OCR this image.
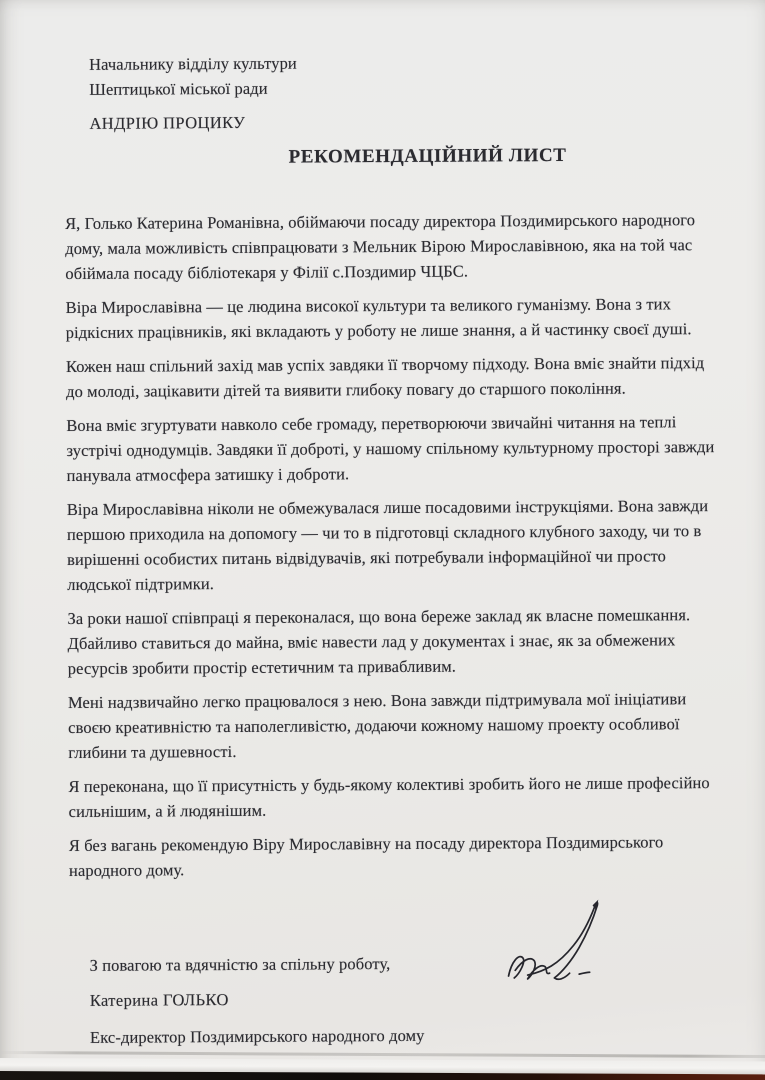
Начальнику відділу культури
Шептицької міської ради
АНДРІЮ ПРОЦИКУ
РЕКОМЕНДАЦІЙНИЙ ЛИСТ

Я, Голько Катерина Романівна, обіймаючи посаду директора Поздимирського народного дому, мала можливість співпрацювати з Мельник Вірою Мирославівною, яка на той час обіймала посаду бібліотекаря у Філії с.Поздимир ЧЦБС.

Віра Мирославівна — це людина високої культури та великого гуманізму. Вона з тих рідкісних працівників, які вкладають у роботу не лише знання, а й частинку своєї душі.

Кожен наш спільний захід мав успіх завдяки її творчому підходу. Вона вміє знайти підхід до молоді, зацікавити дітей та виявити глибоку повагу до старшого покоління.

Вона вміє згуртувати навколо себе громаду, перетворюючи звичайні читання на теплі зустрічі однодумців. Завдяки її доброті, у нашому спільному культурному просторі завжди панувала атмосфера затишку і доброти.

Віра Мирославівна ніколи не обмежувалася лише посадовими інструкціями. Вона завжди першою приходила на допомогу — чи то в підготовці складного клубного заходу, чи то в вирішенні особистих питань відвідувачів, які потребували інформаційної чи просто людської підтримки.

За роки нашої співпраці я переконалася, що вона береже заклад як власне помешкання. Дбайливо ставиться до майна, вміє навести лад у документах і знає, як за обмежених ресурсів зробити простір естетичним та привабливим.

Мені надзвичайно легко працювалося з нею. Вона завжди підтримувала мої ініціативи своєю креативністю та наполегливістю, додаючи кожному нашому проекту особливої глибини та душевності.

Я переконана, що її присутність у будь-якому колективі зробить його не лише професійно сильнішим, а й людянішим.

Я без вагань рекомендую Віру Мирославівну на посаду директора Поздимирського народного дому.

З повагою та вдячністю за спільну роботу,
Катерина ГОЛЬКО
Екс-директор Поздимирського народного дому
